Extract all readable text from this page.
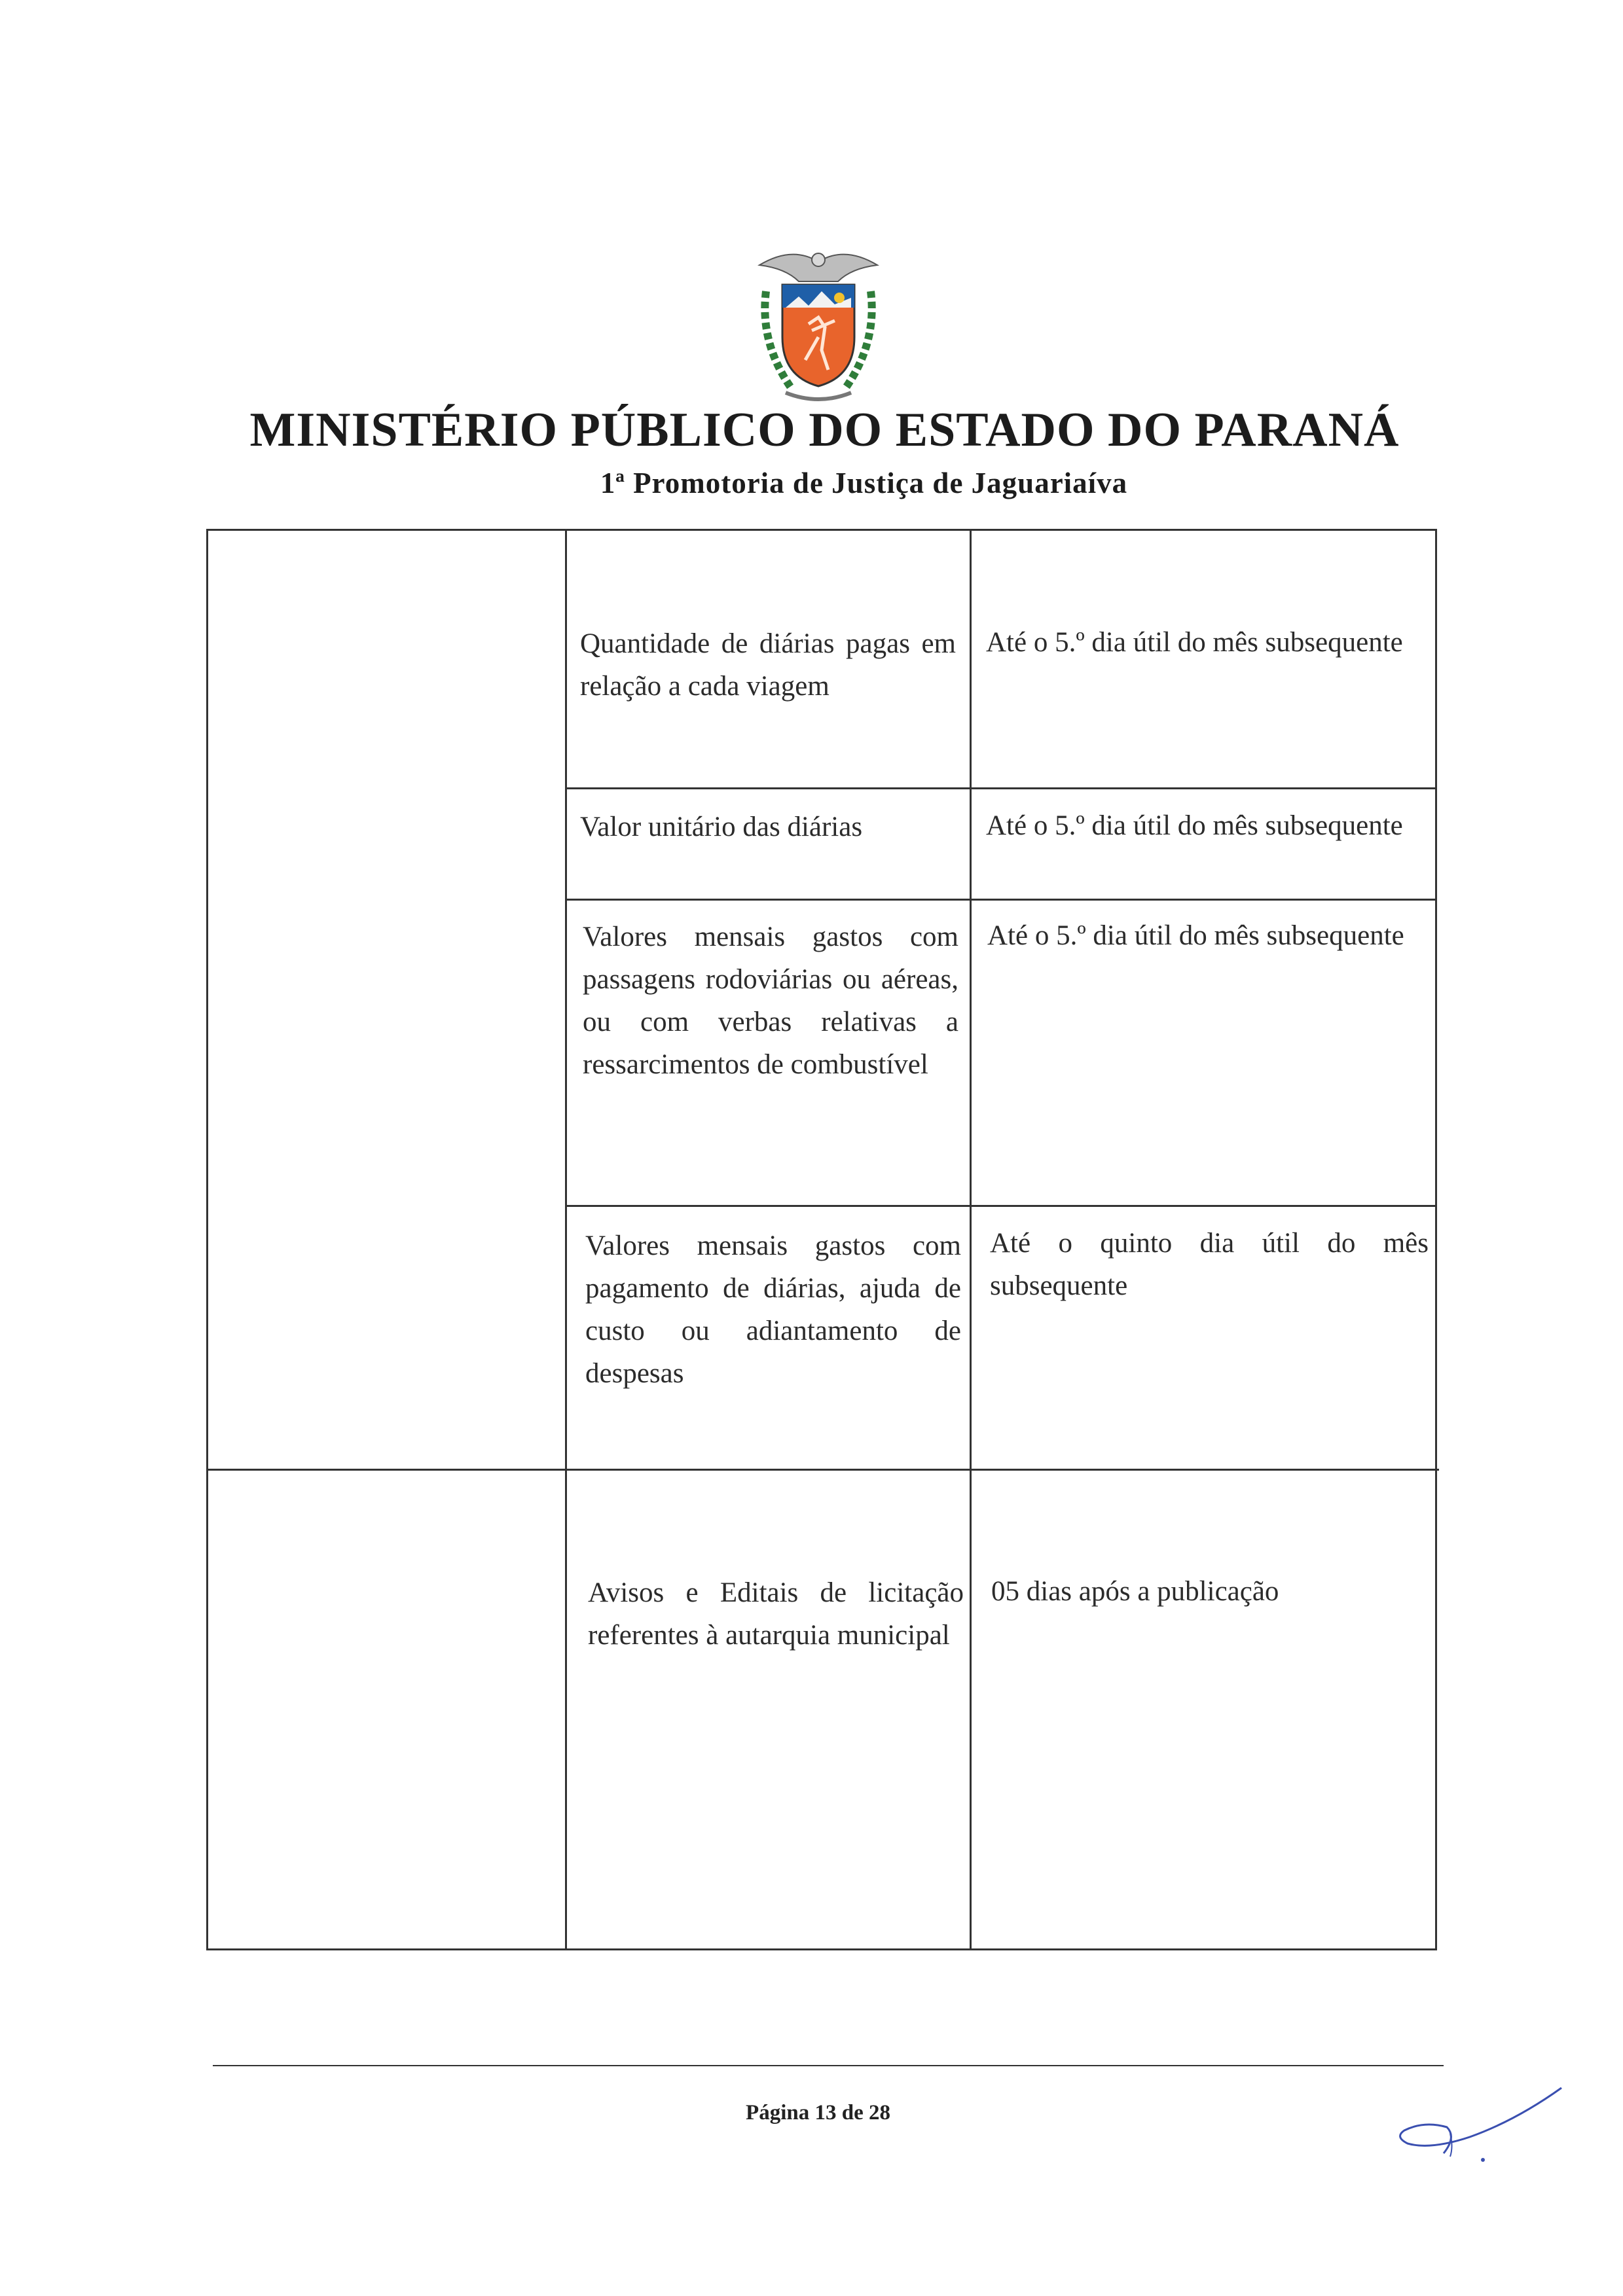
MINISTÉRIO PÚBLICO DO ESTADO DO PARANÁ
1ª Promotoria de Justiça de Jaguariaíva
Quantidade de diárias pagas em relação a cada viagem
Até o 5.º dia útil do mês subsequente
Valor unitário das diárias	Até o 5.º dia útil do mês subsequente
Valores mensais gastos com passagens rodoviárias ou aéreas, ou com verbas relativas a ressarcimentos de combustível
Até o 5.º dia útil do mês subsequente
Valores mensais gastos com pagamento de diárias, ajuda de custo ou adiantamento de despesas
Até o quinto dia útil do mês subsequente
Avisos e Editais de licitação referentes à autarquia municipal
05 dias após a publicação
Página 13 de 28
